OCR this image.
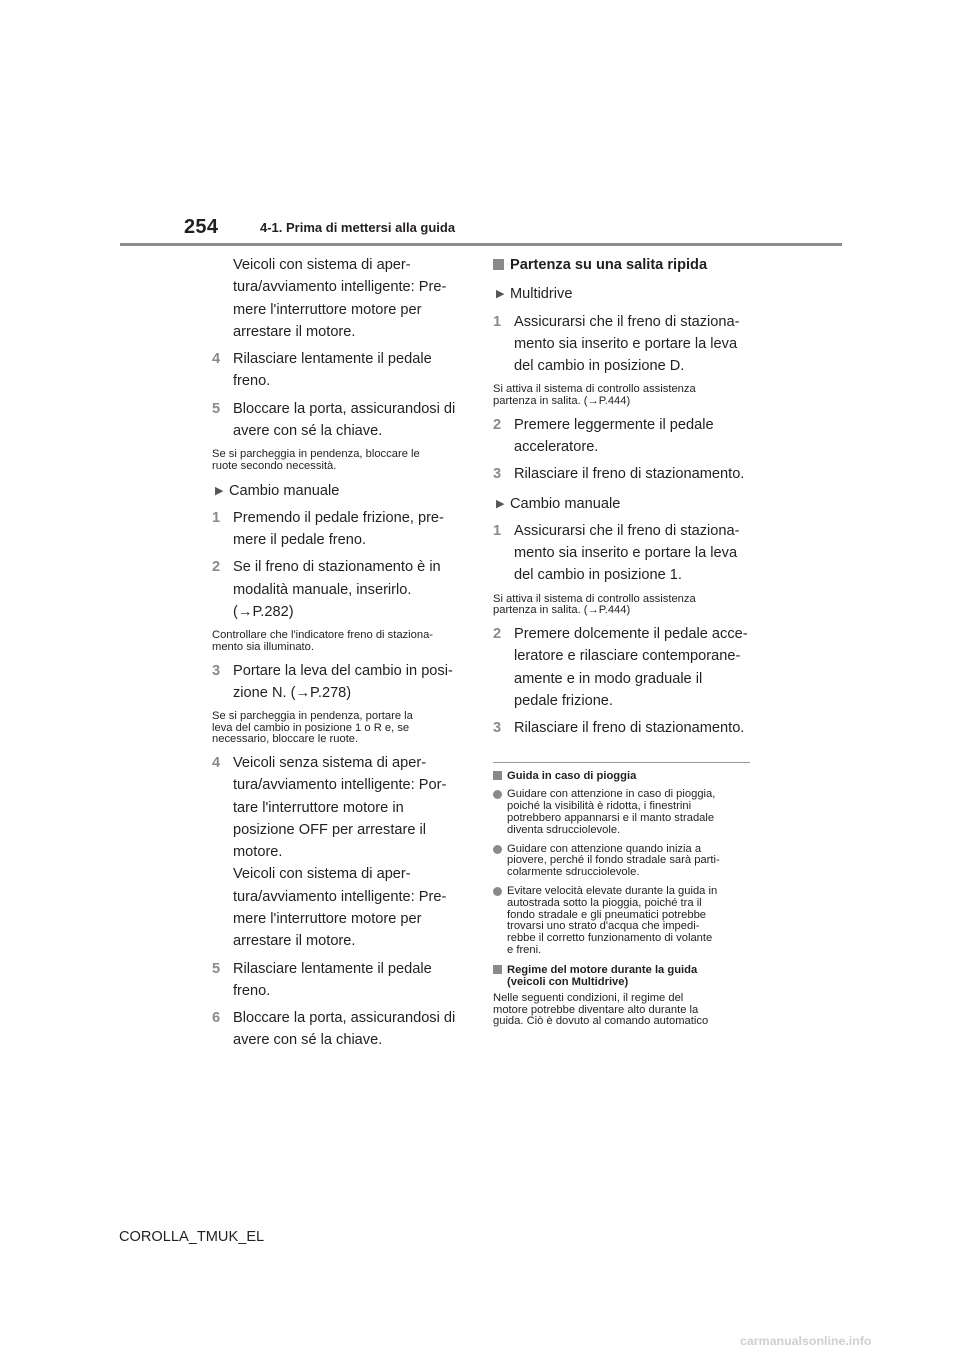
254	4-1. Prima di mettersi alla guida
Veicoli con sistema di aper-
tura/avviamento intelligente: Pre-
mere l'interruttore motore per
arrestare il motore.
4 Rilasciare lentamente il pedale
freno.
5 Bloccare la porta, assicurandosi di
avere con sé la chiave.
Se si parcheggia in pendenza, bloccare le
ruote secondo necessità.
▶ Cambio manuale
1 Premendo il pedale frizione, pre-
mere il pedale freno.
2 Se il freno di stazionamento è in
modalità manuale, inserirlo.
(→P.282)
Controllare che l'indicatore freno di staziona-
mento sia illuminato.
3 Portare la leva del cambio in posi-
zione N. (→P.278)
Se si parcheggia in pendenza, portare la
leva del cambio in posizione 1 o R e, se
necessario, bloccare le ruote.
4 Veicoli senza sistema di aper-
tura/avviamento intelligente: Por-
tare l'interruttore motore in
posizione OFF per arrestare il
motore.
Veicoli con sistema di aper-
tura/avviamento intelligente: Pre-
mere l'interruttore motore per
arrestare il motore.
5 Rilasciare lentamente il pedale
freno.
6 Bloccare la porta, assicurandosi di
avere con sé la chiave.
Partenza su una salita ripida
▶ Multidrive
1 Assicurarsi che il freno di staziona-
mento sia inserito e portare la leva
del cambio in posizione D.
Si attiva il sistema di controllo assistenza
partenza in salita. (→P.444)
2 Premere leggermente il pedale
acceleratore.
3 Rilasciare il freno di stazionamento.
▶ Cambio manuale
1 Assicurarsi che il freno di staziona-
mento sia inserito e portare la leva
del cambio in posizione 1.
Si attiva il sistema di controllo assistenza
partenza in salita. (→P.444)
2 Premere dolcemente il pedale acce-
leratore e rilasciare contemporane-
amente e in modo graduale il
pedale frizione.
3 Rilasciare il freno di stazionamento.
Guida in caso di pioggia
Guidare con attenzione in caso di pioggia,
poiché la visibilità è ridotta, i finestrini
potrebbero appannarsi e il manto stradale
diventa sdrucciolevole.
Guidare con attenzione quando inizia a
piovere, perché il fondo stradale sarà parti-
colarmente sdrucciolevole.
Evitare velocità elevate durante la guida in
autostrada sotto la pioggia, poiché tra il
fondo stradale e gli pneumatici potrebbe
trovarsi uno strato d'acqua che impedi-
rebbe il corretto funzionamento di volante
e freni.
Regime del motore durante la guida
(veicoli con Multidrive)
Nelle seguenti condizioni, il regime del
motore potrebbe diventare alto durante la
guida. Ciò è dovuto al comando automatico
COROLLA_TMUK_EL
carmanualsonline.info
